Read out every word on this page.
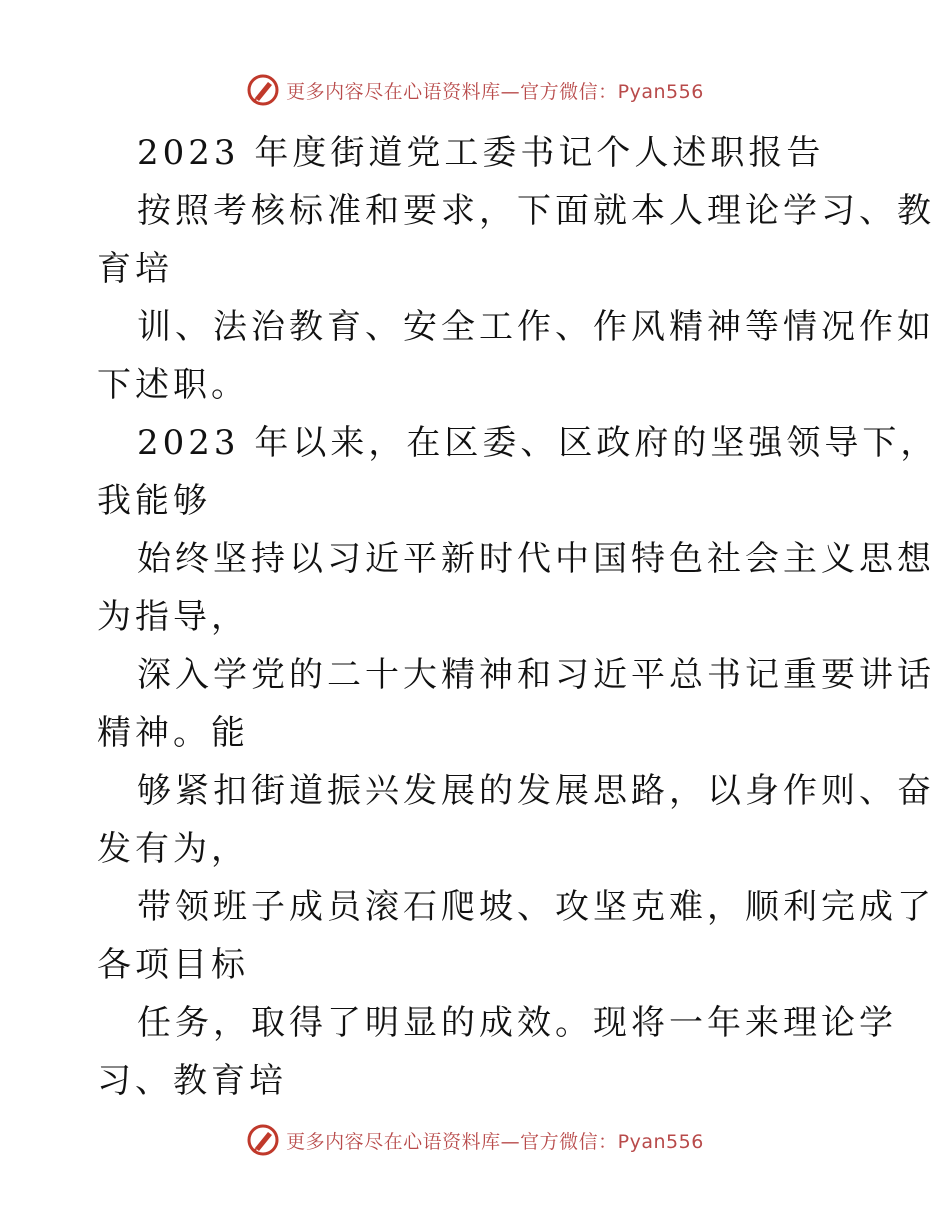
更多内容尽在心语资料库—官方微信：Pyan556
2023 年度街道党工委书记个人述职报告
按照考核标准和要求，下面就本人理论学习、教
育培
训、法治教育、安全工作、作风精神等情况作如
下述职。
2023 年以来，在区委、区政府的坚强领导下，
我能够
始终坚持以习近平新时代中国特色社会主义思想
为指导，
深入学党的二十大精神和习近平总书记重要讲话
精神。能
够紧扣街道振兴发展的发展思路，以身作则、奋
发有为，
带领班子成员滚石爬坡、攻坚克难，顺利完成了
各项目标
任务，取得了明显的成效。现将一年来理论学
习、教育培
更多内容尽在心语资料库—官方微信：Pyan556
